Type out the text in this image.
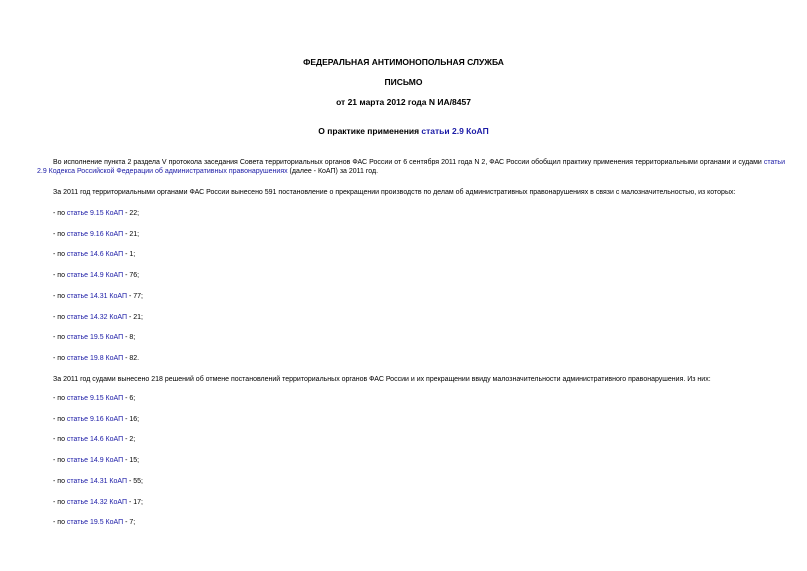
ФЕДЕРАЛЬНАЯ АНТИМОНОПОЛЬНАЯ СЛУЖБА
ПИСЬМО
от 21 марта 2012 года N ИА/8457
О практике применения статьи 2.9 КоАП

Во исполнение пункта 2 раздела V протокола заседания Совета территориальных органов ФАС России от 6 сентября 2011 года N 2, ФАС России обобщил практику применения территориальными органами и судами статьи 2.9 Кодекса Российской Федерации об административных правонарушениях (далее - КоАП) за 2011 год.

За 2011 год территориальными органами ФАС России вынесено 591 постановление о прекращении производств по делам об административных правонарушениях в связи с малозначительностью, из которых:

- по статье 9.15 КоАП - 22;

- по статье 9.16 КоАП - 21;

- по статье 14.6 КоАП - 1;

- по статье 14.9 КоАП - 76;

- по статье 14.31 КоАП - 77;

- по статье 14.32 КоАП - 21;

- по статье 19.5 КоАП - 8;

- по статье 19.8 КоАП - 82.

За 2011 год судами вынесено 218 решений об отмене постановлений территориальных органов ФАС России и их прекращении ввиду малозначительности административного правонарушения. Из них:

- по статье 9.15 КоАП - 6;

- по статье 9.16 КоАП - 16;

- по статье 14.6 КоАП - 2;

- по статье 14.9 КоАП - 15;

- по статье 14.31 КоАП - 55;

- по статье 14.32 КоАП - 17;

- по статье 19.5 КоАП - 7;
